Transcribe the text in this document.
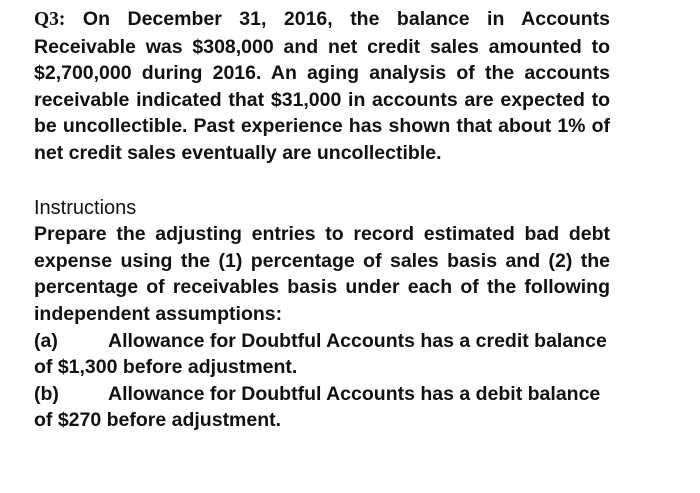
Q3: On December 31, 2016, the balance in Accounts Receivable was $308,000 and net credit sales amounted to $2,700,000 during 2016. An aging analysis of the accounts receivable indicated that $31,000 in accounts are expected to be uncollectible. Past experience has shown that about 1% of net credit sales eventually are uncollectible.

Instructions

Prepare the adjusting entries to record estimated bad debt expense using the (1) percentage of sales basis and (2) the percentage of receivables basis under each of the following independent assumptions:

(a)	Allowance for Doubtful Accounts has a credit balance of $1,300 before adjustment.

(b)	Allowance for Doubtful Accounts has a debit balance of $270 before adjustment.
